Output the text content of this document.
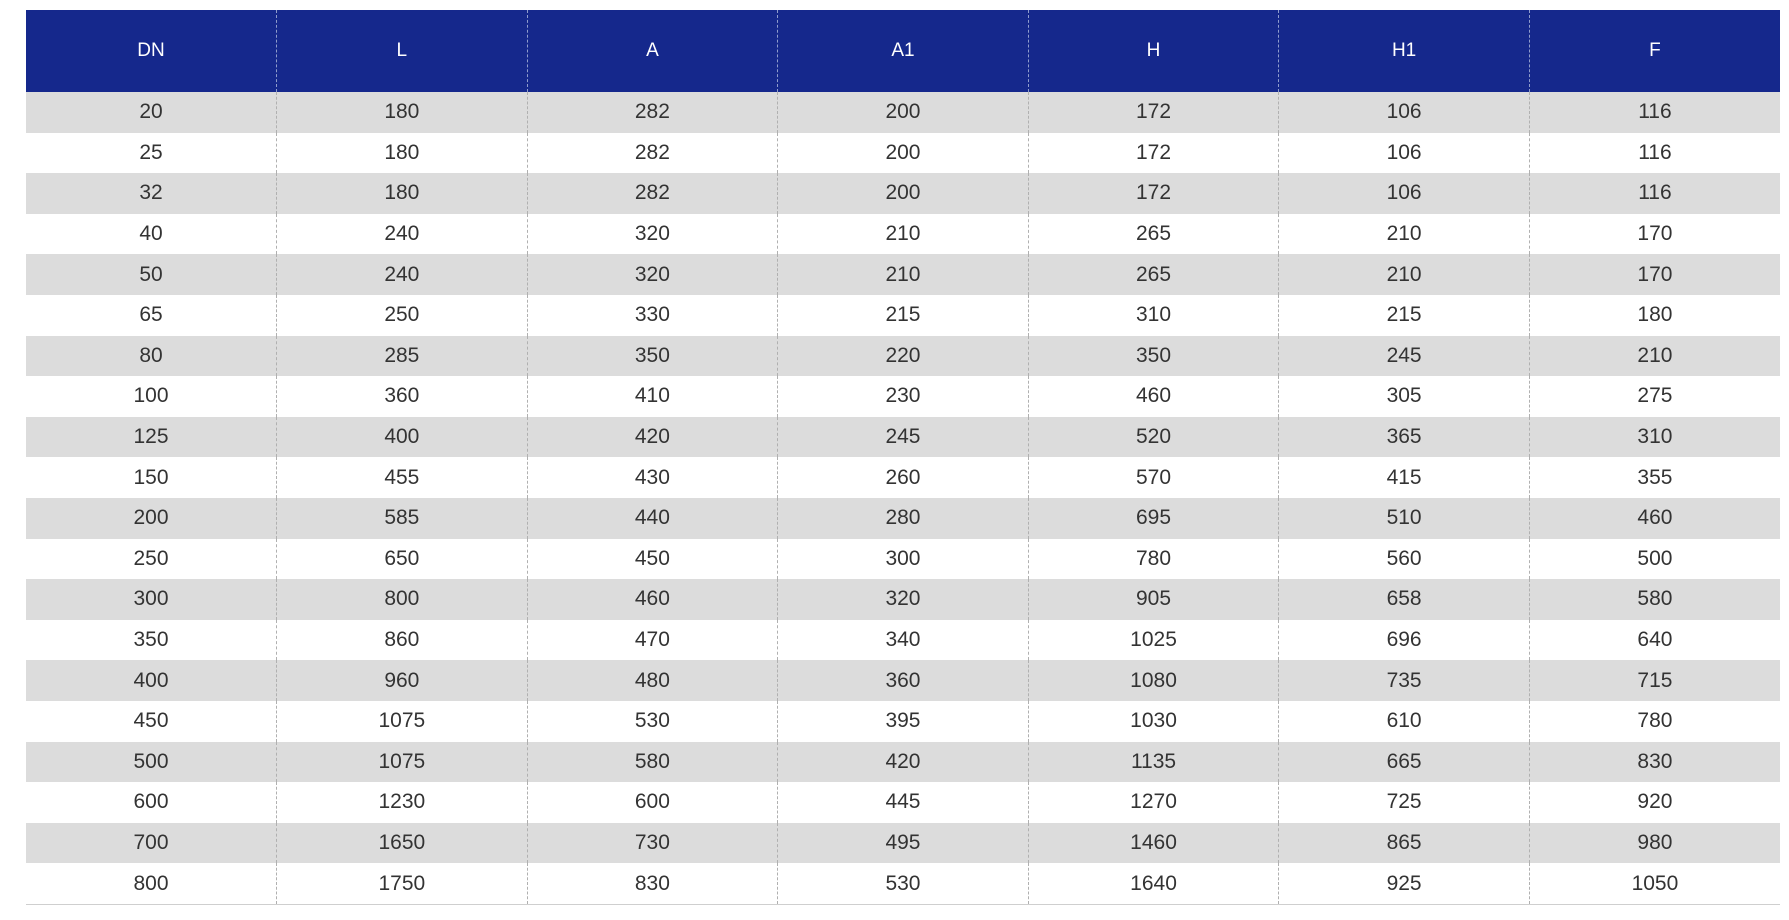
DN	L	A	A1	H	H1	F
20	180	282	200	172	106	116
25	180	282	200	172	106	116
32	180	282	200	172	106	116
40	240	320	210	265	210	170
50	240	320	210	265	210	170
65	250	330	215	310	215	180
80	285	350	220	350	245	210
100	360	410	230	460	305	275
125	400	420	245	520	365	310
150	455	430	260	570	415	355
200	585	440	280	695	510	460
250	650	450	300	780	560	500
300	800	460	320	905	658	580
350	860	470	340	1025	696	640
400	960	480	360	1080	735	715
450	1075	530	395	1030	610	780
500	1075	580	420	1135	665	830
600	1230	600	445	1270	725	920
700	1650	730	495	1460	865	980
800	1750	830	530	1640	925	1050
